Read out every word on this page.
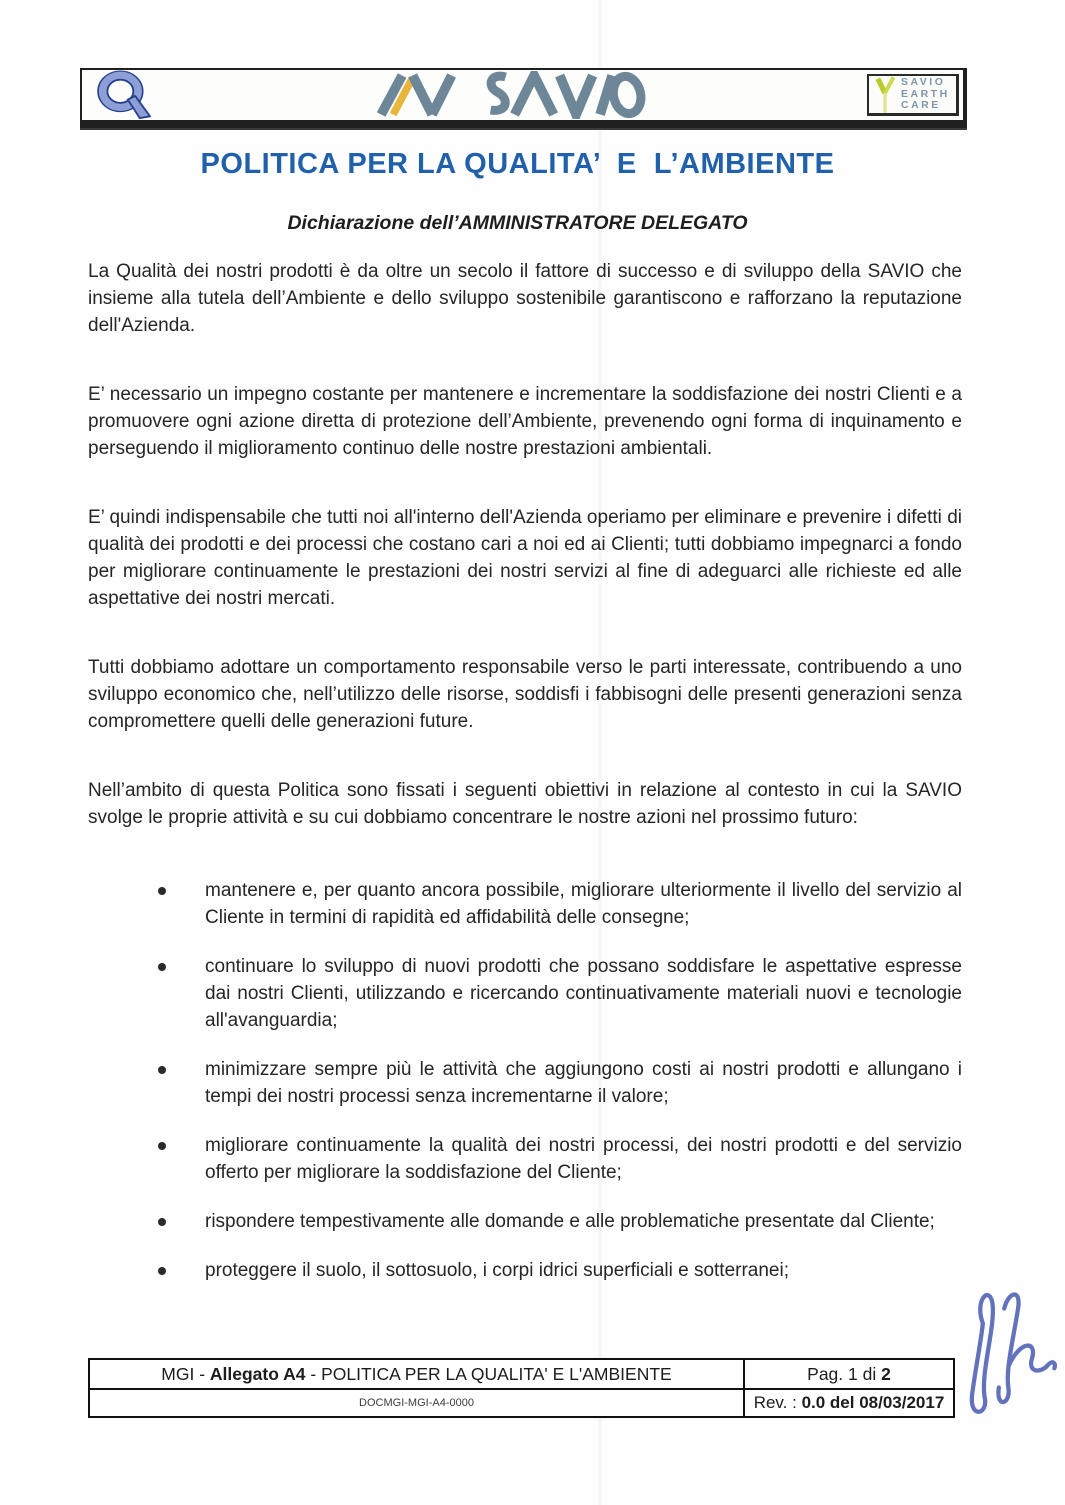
SAVIO
EARTH
CARE
POLITICA PER LA QUALITA’  E  L’AMBIENTE
Dichiarazione dell’AMMINISTRATORE DELEGATO

La Qualità dei nostri prodotti è da oltre un secolo il fattore di successo e di sviluppo della SAVIO che insieme alla tutela dell’Ambiente e dello sviluppo sostenibile garantiscono e rafforzano la reputazione dell'Azienda.

E’ necessario un impegno costante per mantenere e incrementare la soddisfazione dei nostri Clienti e a promuovere ogni azione diretta di protezione dell’Ambiente, prevenendo ogni forma di inquinamento e perseguendo il miglioramento continuo delle nostre prestazioni ambientali.

E’ quindi indispensabile che tutti noi all'interno dell'Azienda operiamo per eliminare e prevenire i difetti di qualità dei prodotti e dei processi che costano cari a noi ed ai Clienti; tutti dobbiamo impegnarci a fondo per migliorare continuamente le prestazioni dei nostri servizi al fine di adeguarci alle richieste ed alle aspettative dei nostri mercati.

Tutti dobbiamo adottare un comportamento responsabile verso le parti interessate, contribuendo a uno sviluppo economico che, nell’utilizzo delle risorse, soddisfi i fabbisogni delle presenti generazioni senza compromettere quelli delle generazioni future.

Nell’ambito di questa Politica sono fissati i seguenti obiettivi in relazione al contesto in cui la SAVIO svolge le proprie attività e su cui dobbiamo concentrare le nostre azioni nel prossimo futuro:

mantenere e, per quanto ancora possibile, migliorare ulteriormente il livello del servizio al Cliente in termini di rapidità ed affidabilità delle consegne;
continuare lo sviluppo di nuovi prodotti che possano soddisfare le aspettative espresse dai nostri Clienti, utilizzando e ricercando continuativamente materiali nuovi e tecnologie all'avanguardia;
minimizzare sempre più le attività che aggiungono costi ai nostri prodotti e allungano i tempi dei nostri processi senza incrementarne il valore;
migliorare continuamente la qualità dei nostri processi, dei nostri prodotti e del servizio offerto per migliorare la soddisfazione del Cliente;
rispondere tempestivamente alle domande e alle problematiche presentate dal Cliente;
proteggere il suolo, il sottosuolo, i corpi idrici superficiali e sotterranei;
MGI - Allegato A4 - POLITICA PER LA QUALITA' E L'AMBIENTE	Pag. 1 di 2
DOCMGI-MGI-A4-0000	Rev. : 0.0 del 08/03/2017
